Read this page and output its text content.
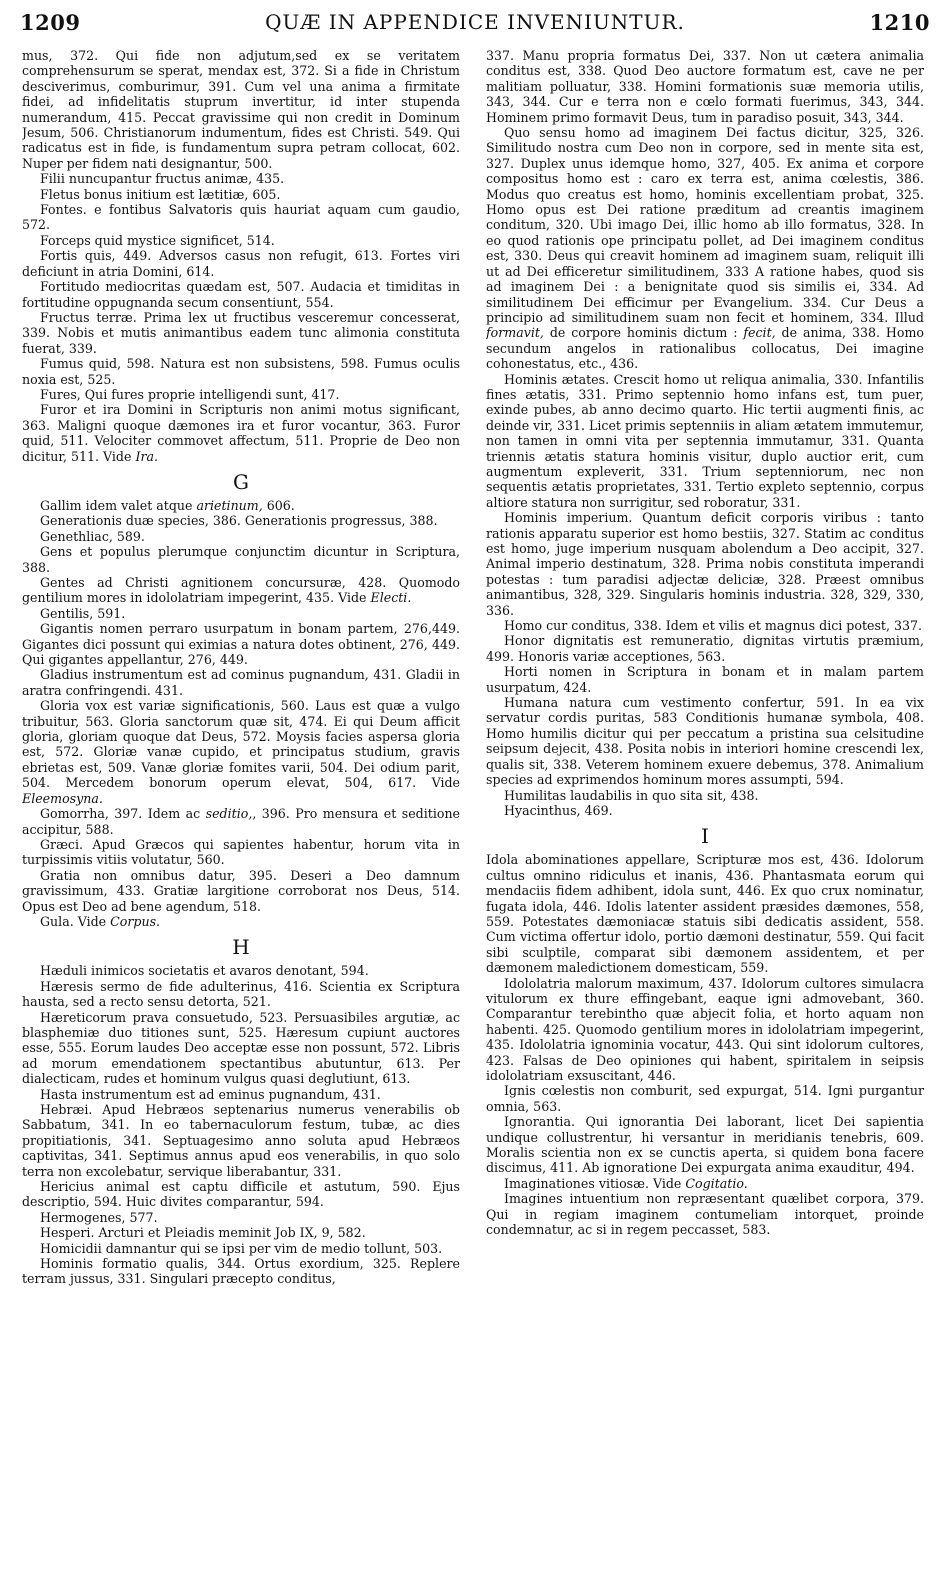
1209	QUÆ IN APPENDICE INVENIUNTUR.	1210

mus, 372. Qui fide non adjutum,sed ex se veritatem comprehensurum se sperat, mendax est, 372. Si a fide in Christum desciverimus, comburimur, 391. Cum vel una anima a firmitate fidei, ad infidelitatis stuprum invertitur, id inter stupenda numerandum, 415. Peccat gravissime qui non credit in Dominum Jesum, 506. Christianorum indumentum, fides est Christi. 549. Qui radicatus est in fide, is fundamentum supra petram collocat, 602. Nuper per fidem nati designantur, 500.

Filii nuncupantur fructus animæ, 435.

Fletus bonus initium est lætitiæ, 605.

Fontes. e fontibus Salvatoris quis hauriat aquam cum gaudio, 572.

Forceps quid mystice significet, 514.

Fortis quis, 449. Adversos casus non refugit, 613. Fortes viri deficiunt in atria Domini, 614.

Fortitudo mediocritas quædam est, 507. Audacia et timiditas in fortitudine oppugnanda secum consentiunt, 554.

Fructus terræ. Prima lex ut fructibus vesceremur concesserat, 339. Nobis et mutis animantibus eadem tunc alimonia constituta fuerat, 339.

Fumus quid, 598. Natura est non subsistens, 598. Fumus oculis noxia est, 525.

Fures, Qui fures proprie intelligendi sunt, 417.

Furor et ira Domini in Scripturis non animi motus significant, 363. Maligni quoque dæmones ira et furor vocantur, 363. Furor quid, 511. Velociter commovet affectum, 511. Proprie de Deo non dicitur, 511. Vide Ira.

G

Gallim idem valet atque arietinum, 606.

Generationis duæ species, 386. Generationis progressus, 388.

Genethliac, 589.

Gens et populus plerumque conjunctim dicuntur in Scriptura, 388.

Gentes ad Christi agnitionem concursuræ, 428. Quomodo gentilium mores in idololatriam impegerint, 435. Vide Electi.

Gentilis, 591.

Gigantis nomen perraro usurpatum in bonam partem, 276,449. Gigantes dici possunt qui eximias a natura dotes obtinent, 276, 449. Qui gigantes appellantur, 276, 449.

Gladius instrumentum est ad cominus pugnandum, 431. Gladii in aratra confringendi. 431.

Gloria vox est variæ significationis, 560. Laus est quæ a vulgo tribuitur, 563. Gloria sanctorum quæ sit, 474. Ei qui Deum afficit gloria, gloriam quoque dat Deus, 572. Moysis facies aspersa gloria est, 572. Gloriæ vanæ cupido, et principatus studium, gravis ebrietas est, 509. Vanæ gloriæ fomites varii, 504. Dei odium parit, 504. Mercedem bonorum operum elevat, 504, 617. Vide Eleemosyna.

Gomorrha, 397. Idem ac seditio,, 396. Pro mensura et seditione accipitur, 588.

Græci. Apud Græcos qui sapientes habentur, horum vita in turpissimis vitiis volutatur, 560.

Gratia non omnibus datur, 395. Deseri a Deo damnum gravissimum, 433. Gratiæ largitione corroborat nos Deus, 514. Opus est Deo ad bene agendum, 518.

Gula. Vide Corpus.

H

Hæduli inimicos societatis et avaros denotant, 594.

Hæresis sermo de fide adulterinus, 416. Scientia ex Scriptura hausta, sed a recto sensu detorta, 521.

Hæreticorum prava consuetudo, 523. Persuasibiles argutiæ, ac blasphemiæ duo titiones sunt, 525. Hæresum cupiunt auctores esse, 555. Eorum laudes Deo acceptæ esse non possunt, 572. Libris ad morum emendationem spectantibus abutuntur, 613. Per dialecticam, rudes et hominum vulgus quasi deglutiunt, 613.

Hasta instrumentum est ad eminus pugnandum, 431.

Hebræi. Apud Hebræos septenarius numerus venerabilis ob Sabbatum, 341. In eo tabernaculorum festum, tubæ, ac dies propitiationis, 341. Septuagesimo anno soluta apud Hebræos captivitas, 341. Septimus annus apud eos venerabilis, in quo solo terra non excolebatur, servique liberabantur, 331.

Hericius animal est captu difficile et astutum, 590. Ejus descriptio, 594. Huic divites comparantur, 594.

Hermogenes, 577.

Hesperi. Arcturi et Pleiadis meminit Job IX, 9, 582.

Homicidii damnantur qui se ipsi per vim de medio tollunt, 503.

Hominis formatio qualis, 344. Ortus exordium, 325. Replere terram jussus, 331. Singulari præcepto conditus,

337. Manu propria formatus Dei, 337. Non ut cætera animalia conditus est, 338. Quod Deo auctore formatum est, cave ne per malitiam polluatur, 338. Homini formationis suæ memoria utilis, 343, 344. Cur e terra non e cœlo formati fuerimus, 343, 344. Hominem primo formavit Deus, tum in paradiso posuit, 343, 344.

Quo sensu homo ad imaginem Dei factus dicitur, 325, 326. Similitudo nostra cum Deo non in corpore, sed in mente sita est, 327. Duplex unus idemque homo, 327, 405. Ex anima et corpore compositus homo est : caro ex terra est, anima cœlestis, 386. Modus quo creatus est homo, hominis excellentiam probat, 325. Homo opus est Dei ratione præditum ad creantis imaginem conditum, 320. Ubi imago Dei, illic homo ab illo formatus, 328. In eo quod rationis ope principatu pollet, ad Dei imaginem conditus est, 330. Deus qui creavit hominem ad imaginem suam, reliquit illi ut ad Dei efficeretur similitudinem, 333 A ratione habes, quod sis ad imaginem Dei : a benignitate quod sis similis ei, 334. Ad similitudinem Dei efficimur per Evangelium. 334. Cur Deus a principio ad similitudinem suam non fecit et hominem, 334. Illud formavit, de corpore hominis dictum : fecit, de anima, 338. Homo secundum angelos in rationalibus collocatus, Dei imagine cohonestatus, etc., 436.

Hominis ætates. Crescit homo ut reliqua animalia, 330. Infantilis fines ætatis, 331. Primo septennio homo infans est, tum puer, exinde pubes, ab anno decimo quarto. Hic tertii augmenti finis, ac deinde vir, 331. Licet primis septenniis in aliam ætatem immutemur, non tamen in omni vita per septennia immutamur, 331. Quanta triennis ætatis statura hominis visitur, duplo auctior erit, cum augmentum expleverit, 331. Trium septenniorum, nec non sequentis ætatis proprietates, 331. Tertio expleto septennio, corpus altiore statura non surrigitur, sed roboratur, 331.

Hominis imperium. Quantum deficit corporis viribus : tanto rationis apparatu superior est homo bestiis, 327. Statim ac conditus est homo, juge imperium nusquam abolendum a Deo accipit, 327. Animal imperio destinatum, 328. Prima nobis constituta imperandi potestas : tum paradisi adjectæ deliciæ, 328. Præest omnibus animantibus, 328, 329. Singularis hominis industria. 328, 329, 330, 336.

Homo cur conditus, 338. Idem et vilis et magnus dici potest, 337.

Honor dignitatis est remuneratio, dignitas virtutis præmium, 499. Honoris variæ acceptiones, 563.

Horti nomen in Scriptura in bonam et in malam partem usurpatum, 424.

Humana natura cum vestimento confertur, 591. In ea vix servatur cordis puritas, 583 Conditionis humanæ symbola, 408. Homo humilis dicitur qui per peccatum a pristina sua celsitudine seipsum dejecit, 438. Posita nobis in interiori homine crescendi lex, qualis sit, 338. Veterem hominem exuere debemus, 378. Animalium species ad exprimendos hominum mores assumpti, 594.

Humilitas laudabilis in quo sita sit, 438.

Hyacinthus, 469.

I

Idola abominationes appellare, Scripturæ mos est, 436. Idolorum cultus omnino ridiculus et inanis, 436. Phantasmata eorum qui mendaciis fidem adhibent, idola sunt, 446. Ex quo crux nominatur, fugata idola, 446. Idolis latenter assident præsides dæmones, 558, 559. Potestates dæmoniacæ statuis sibi dedicatis assident, 558. Cum victima offertur idolo, portio dæmoni destinatur, 559. Qui facit sibi sculptile, comparat sibi dæmonem assidentem, et per dæmonem maledictionem domesticam, 559.

Idololatria malorum maximum, 437. Idolorum cultores simulacra vitulorum ex thure effingebant, eaque igni admovebant, 360. Comparantur terebintho quæ abjecit folia, et horto aquam non habenti. 425. Quomodo gentilium mores in idololatriam impegerint, 435. Idololatria ignominia vocatur, 443. Qui sint idolorum cultores, 423. Falsas de Deo opiniones qui habent, spiritalem in seipsis idololatriam exsuscitant, 446.

Ignis cœlestis non comburit, sed expurgat, 514. Igni purgantur omnia, 563.

Ignorantia. Qui ignorantia Dei laborant, licet Dei sapientia undique collustrentur, hi versantur in meridianis tenebris, 609. Moralis scientia non ex se cunctis aperta, si quidem bona facere discimus, 411. Ab ignoratione Dei expurgata anima exauditur, 494.

Imaginationes vitiosæ. Vide Cogitatio.

Imagines intuentium non repræsentant quælibet corpora, 379. Qui in regiam imaginem contumeliam intorquet, proinde condemnatur, ac si in regem peccasset, 583.
